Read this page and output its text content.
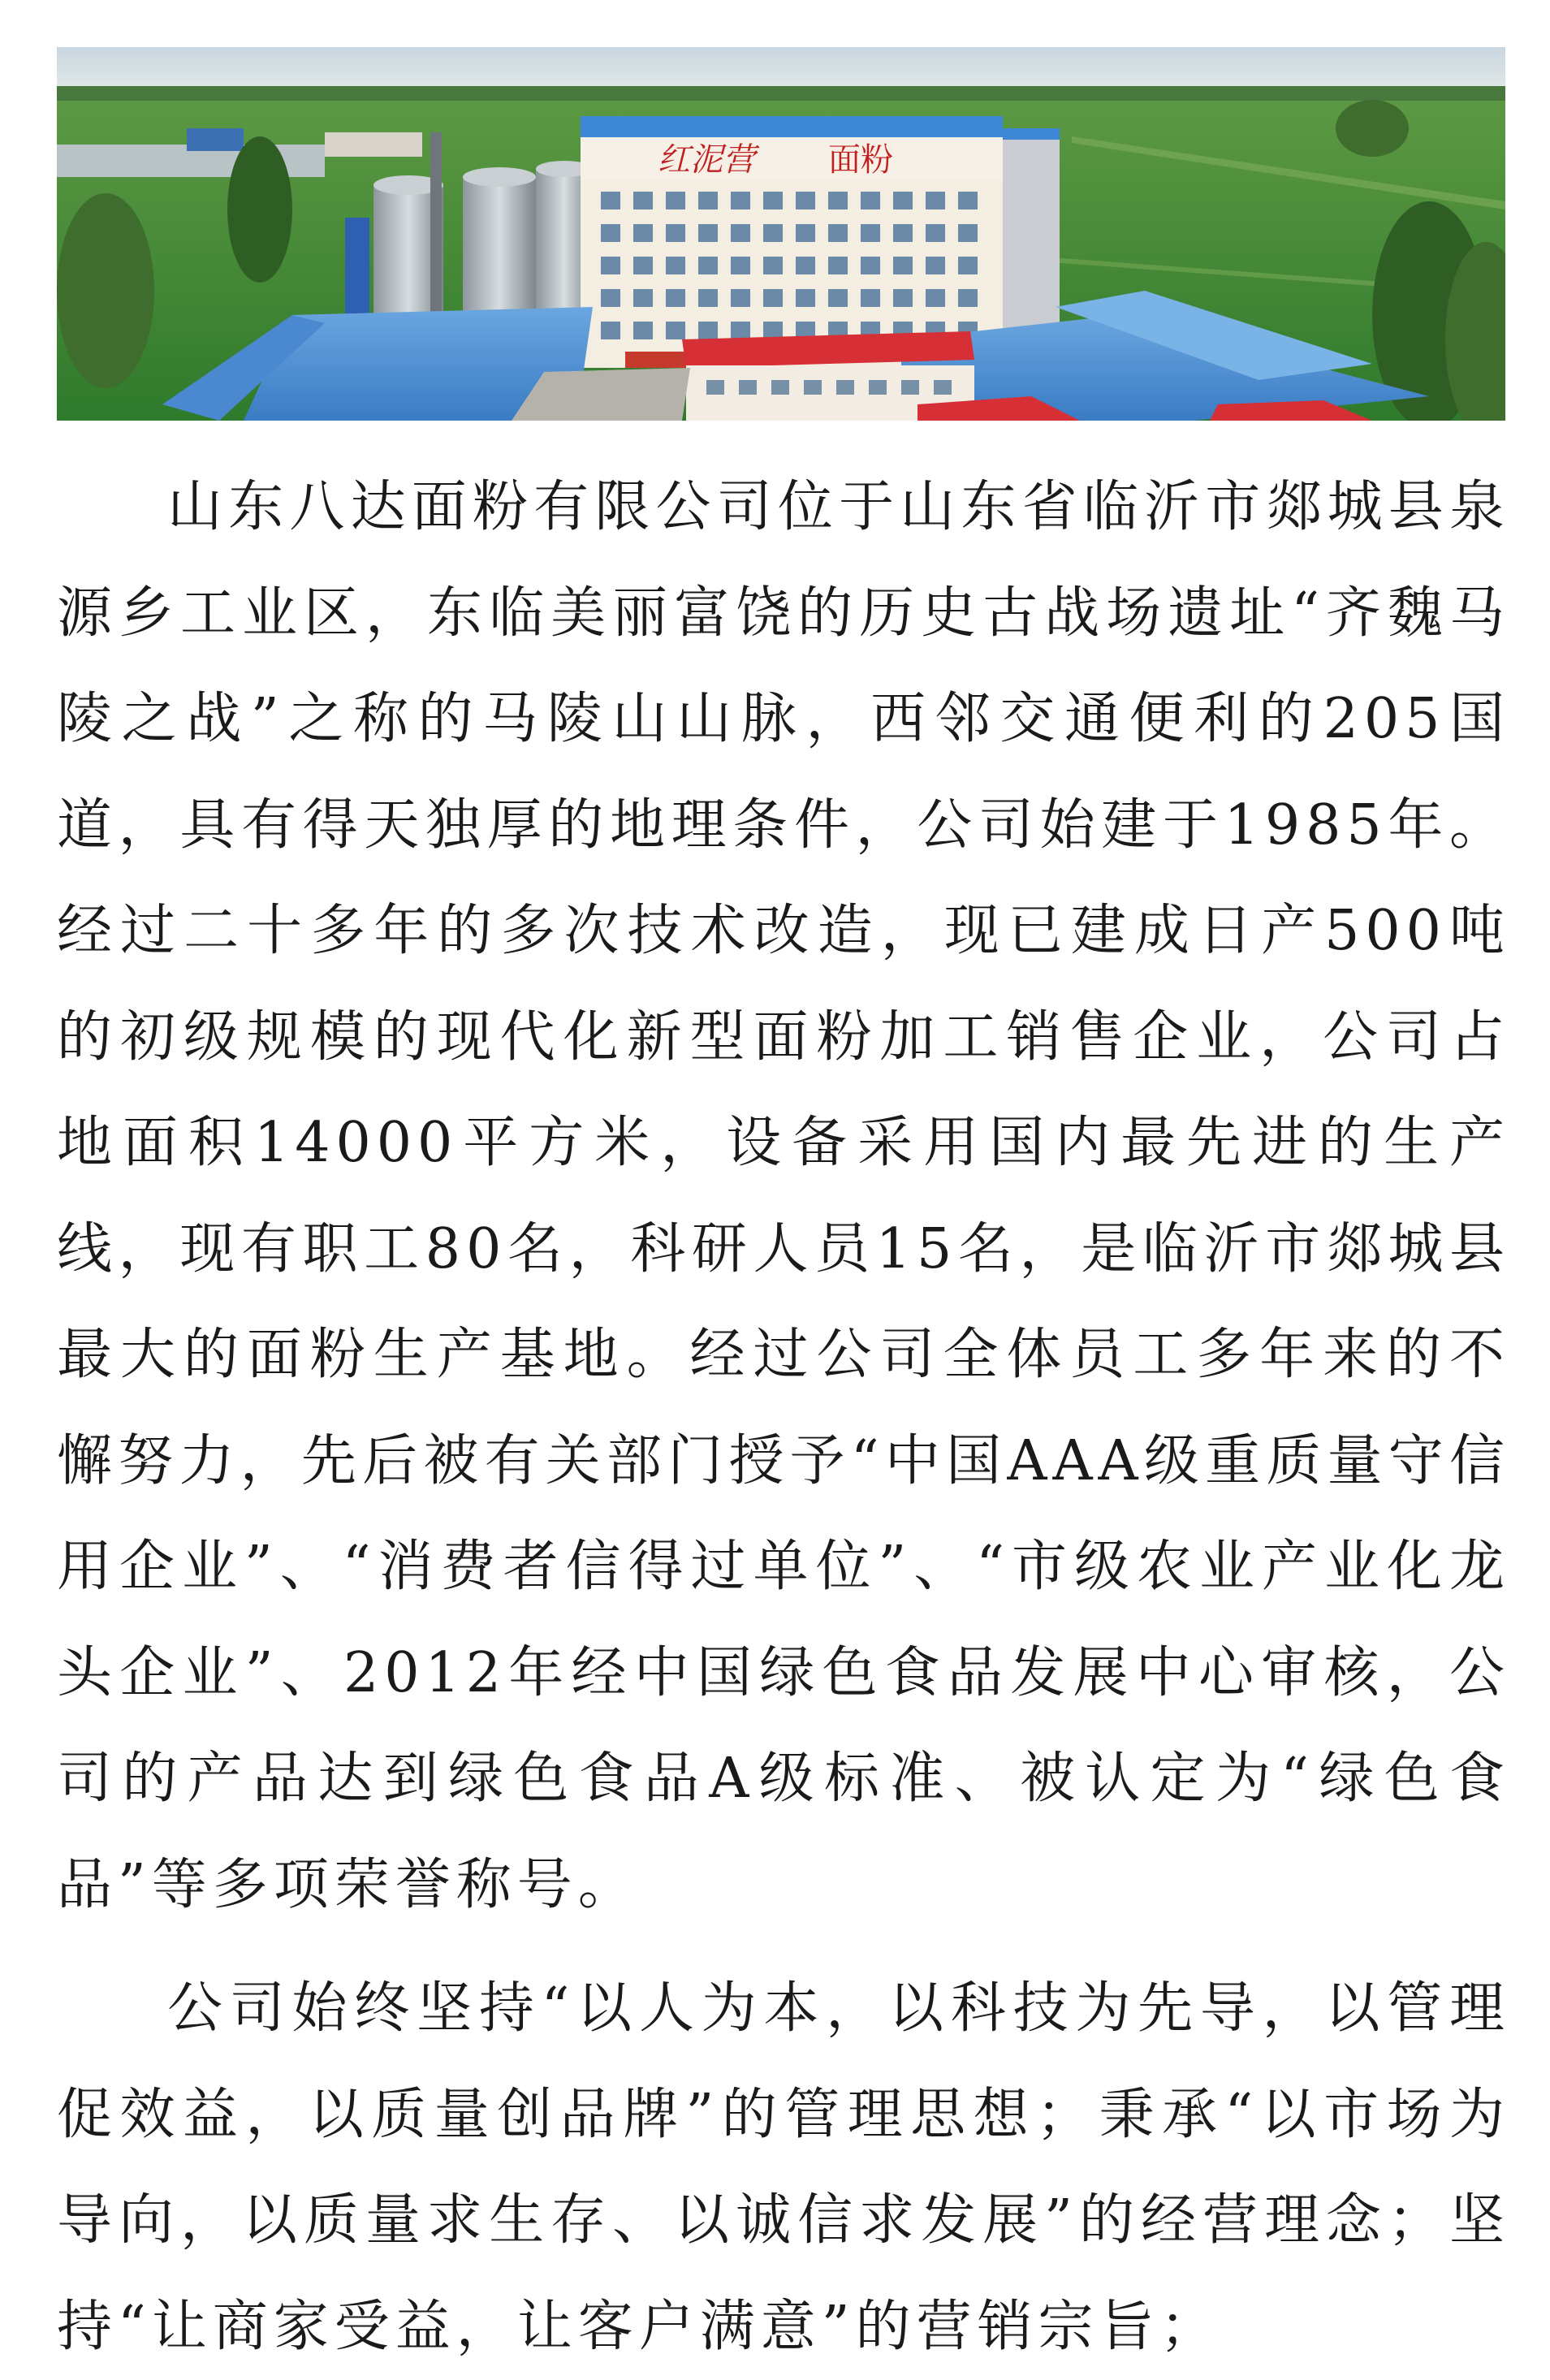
红泥营 面粉

山东八达面粉有限公司位于山东省临沂市郯城县泉源乡工业区，东临美丽富饶的历史古战场遗址“齐魏马陵之战”之称的马陵山山脉，西邻交通便利的205国道，具有得天独厚的地理条件，公司始建于1985年。经过二十多年的多次技术改造，现已建成日产500吨的初级规模的现代化新型面粉加工销售企业，公司占地面积14000平方米，设备采用国内最先进的生产线，现有职工80名，科研人员15名，是临沂市郯城县最大的面粉生产基地。经过公司全体员工多年来的不懈努力，先后被有关部门授予“中国AAA级重质量守信用企业”、“消费者信得过单位”、“市级农业产业化龙头企业”、2012年经中国绿色食品发展中心审核，公司的产品达到绿色食品A级标准、被认定为“绿色食品”等多项荣誉称号。

公司始终坚持“以人为本，以科技为先导，以管理促效益，以质量创品牌”的管理思想；秉承“以市场为导向，以质量求生存、以诚信求发展”的经营理念；坚持“让商家受益，让客户满意”的营销宗旨；
